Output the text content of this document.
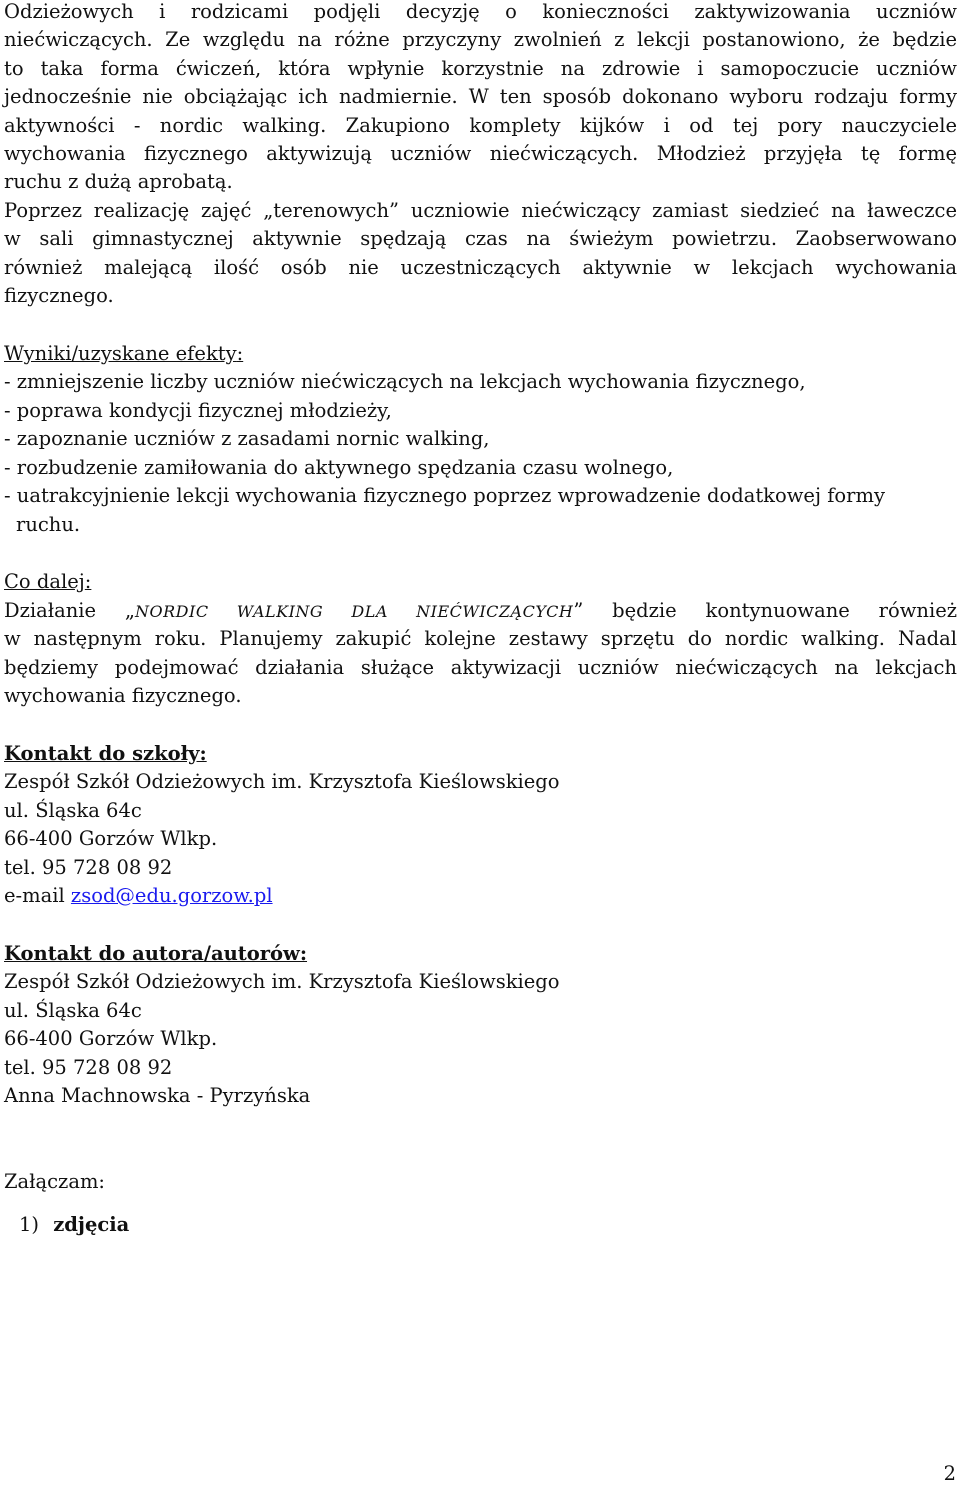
Odzieżowych i rodzicami podjęli decyzję o konieczności zaktywizowania uczniów
niećwiczących. Ze względu na różne przyczyny zwolnień z lekcji postanowiono, że będzie
to taka forma ćwiczeń, która wpłynie korzystnie na zdrowie i samopoczucie uczniów
jednocześnie nie obciążając ich nadmiernie. W ten sposób dokonano wyboru rodzaju formy
aktywności - nordic walking. Zakupiono komplety kijków i od tej pory nauczyciele
wychowania fizycznego aktywizują uczniów niećwiczących. Młodzież przyjęła tę formę
ruchu z dużą aprobatą.
Poprzez realizację zajęć „terenowych” uczniowie niećwiczący zamiast siedzieć na ławeczce
w sali gimnastycznej aktywnie spędzają czas na świeżym powietrzu. Zaobserwowano
również malejącą ilość osób nie uczestniczących aktywnie w lekcjach wychowania
fizycznego.
Wyniki/uzyskane efekty:
- zmniejszenie liczby uczniów niećwiczących na lekcjach wychowania fizycznego,
- poprawa kondycji fizycznej młodzieży,
- zapoznanie uczniów z zasadami nornic walking,
- rozbudzenie zamiłowania do aktywnego spędzania czasu wolnego,
- uatrakcyjnienie lekcji wychowania fizycznego poprzez wprowadzenie dodatkowej formy
ruchu.
Co dalej:
Działanie „NORDIC WALKING DLA NIEĆWICZĄCYCH” będzie kontynuowane również
w następnym roku. Planujemy zakupić kolejne zestawy sprzętu do nordic walking. Nadal
będziemy podejmować działania służące aktywizacji uczniów niećwiczących na lekcjach
wychowania fizycznego.
Kontakt do szkoły:
Zespół Szkół Odzieżowych im. Krzysztofa Kieślowskiego
ul. Śląska 64c
66-400 Gorzów Wlkp.
tel. 95 728 08 92
e-mail zsod@edu.gorzow.pl
Kontakt do autora/autorów:
Zespół Szkół Odzieżowych im. Krzysztofa Kieślowskiego
ul. Śląska 64c
66-400 Gorzów Wlkp.
tel. 95 728 08 92
Anna Machnowska - Pyrzyńska
Załączam:
1) zdjęcia
2
